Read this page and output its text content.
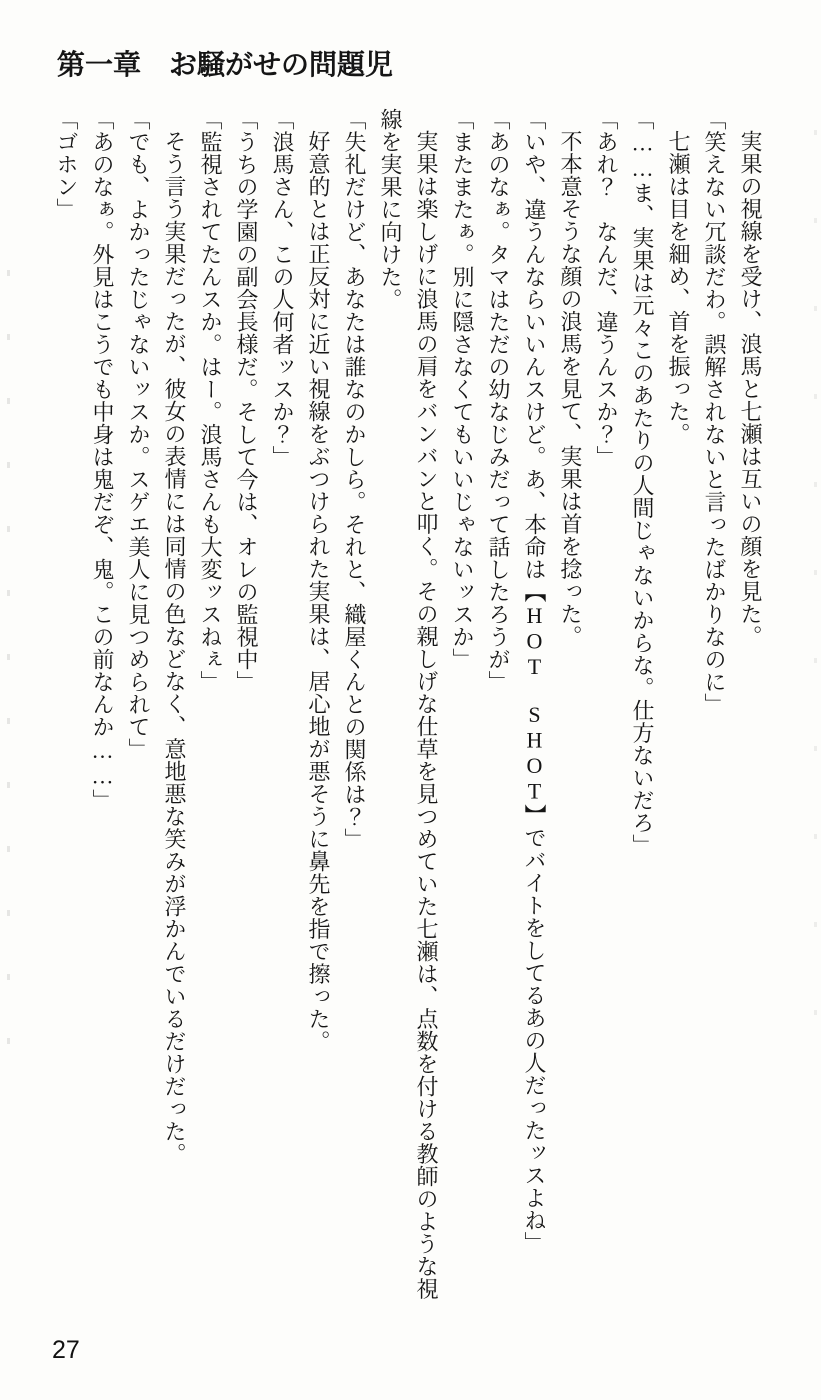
第一章　お騒がせの問題児

実果の視線を受け、浪馬と七瀬は互いの顔を見た。

「笑えない冗談だわ。誤解されないと言ったばかりなのに」

七瀬は目を細め、首を振った。

「……ま、実果は元々このあたりの人間じゃないからな。仕方ないだろ」

「あれ？　なんだ、違うんスか？」

不本意そうな顔の浪馬を見て、実果は首を捻った。

「いや、違うんならいいんスけど。あ、本命は【HOT　SHOT】でバイトをしてるあの人だったッスよね」

「あのなぁ。タマはただの幼なじみだって話したろうが」

「またまたぁ。別に隠さなくてもいいじゃないッスか」

実果は楽しげに浪馬の肩をバンバンと叩く。その親しげな仕草を見つめていた七瀬は、点数を付ける教師のような視線を実果に向けた。

「失礼だけど、あなたは誰なのかしら。それと、織屋くんとの関係は？」

好意的とは正反対に近い視線をぶつけられた実果は、居心地が悪そうに鼻先を指で擦った。

「浪馬さん、この人何者ッスか？」

「うちの学園の副会長様だ。そして今は、オレの監視中」

「監視されてたんスか。はー。浪馬さんも大変ッスねぇ」

そう言う実果だったが、彼女の表情には同情の色などなく、意地悪な笑みが浮かんでいるだけだった。

「でも、よかったじゃないッスか。スゲエ美人に見つめられて」

「あのなぁ。外見はこうでも中身は鬼だぞ、鬼。この前なんか……」

「ゴホン」

27
